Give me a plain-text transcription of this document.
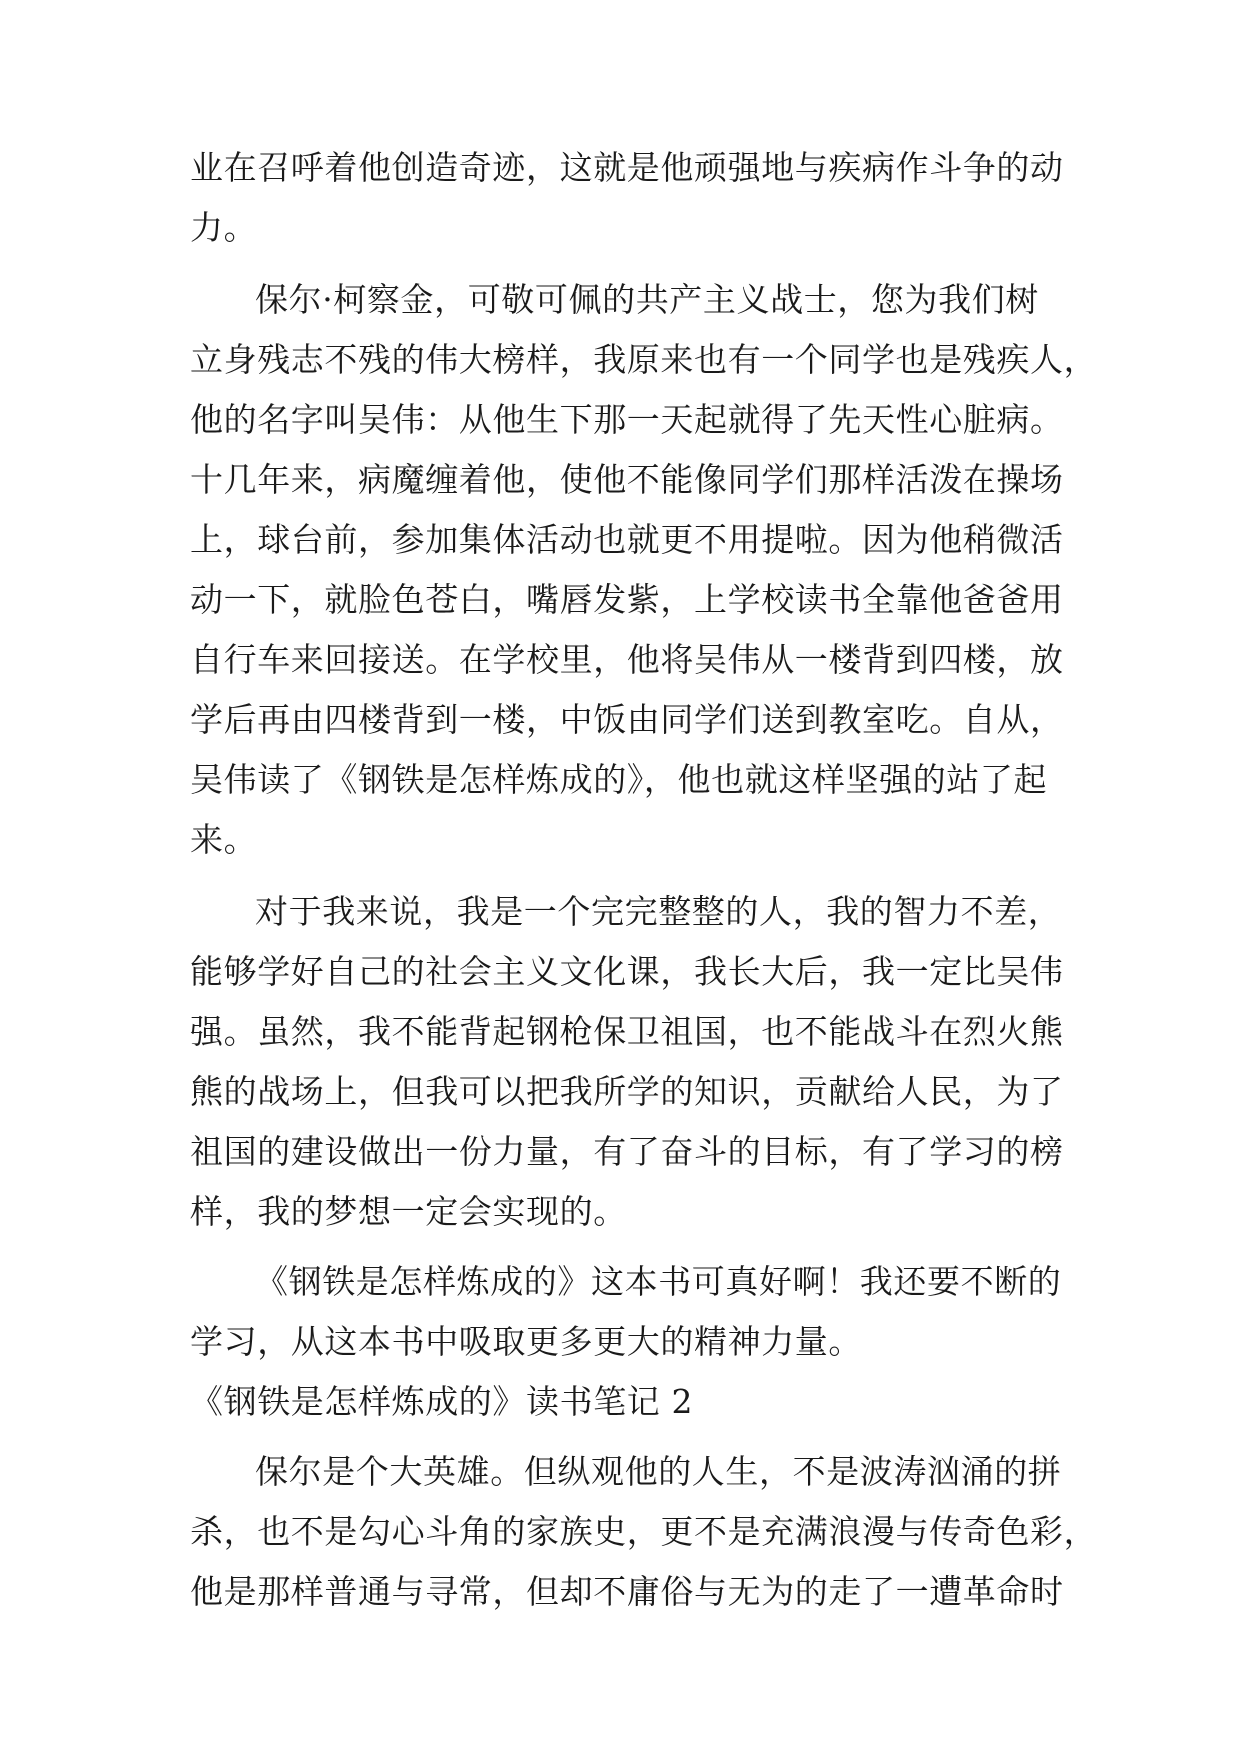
业在召呼着他创造奇迹，这就是他顽强地与疾病作斗争的动
力。
保尔·柯察金，可敬可佩的共产主义战士，您为我们树
立身残志不残的伟大榜样，我原来也有一个同学也是残疾人，
他的名字叫吴伟：从他生下那一天起就得了先天性心脏病。
十几年来，病魔缠着他，使他不能像同学们那样活泼在操场
上，球台前，参加集体活动也就更不用提啦。因为他稍微活
动一下，就脸色苍白，嘴唇发紫，上学校读书全靠他爸爸用
自行车来回接送。在学校里，他将吴伟从一楼背到四楼，放
学后再由四楼背到一楼，中饭由同学们送到教室吃。自从，
吴伟读了《钢铁是怎样炼成的》，他也就这样坚强的站了起
来。
对于我来说，我是一个完完整整的人，我的智力不差，
能够学好自己的社会主义文化课，我长大后，我一定比吴伟
强。虽然，我不能背起钢枪保卫祖国，也不能战斗在烈火熊
熊的战场上，但我可以把我所学的知识，贡献给人民，为了
祖国的建设做出一份力量，有了奋斗的目标，有了学习的榜
样，我的梦想一定会实现的。
《钢铁是怎样炼成的》这本书可真好啊！我还要不断的
学习，从这本书中吸取更多更大的精神力量。
《钢铁是怎样炼成的》读书笔记 2
保尔是个大英雄。但纵观他的人生，不是波涛汹涌的拼
杀，也不是勾心斗角的家族史，更不是充满浪漫与传奇色彩，
他是那样普通与寻常，但却不庸俗与无为的走了一遭革命时
